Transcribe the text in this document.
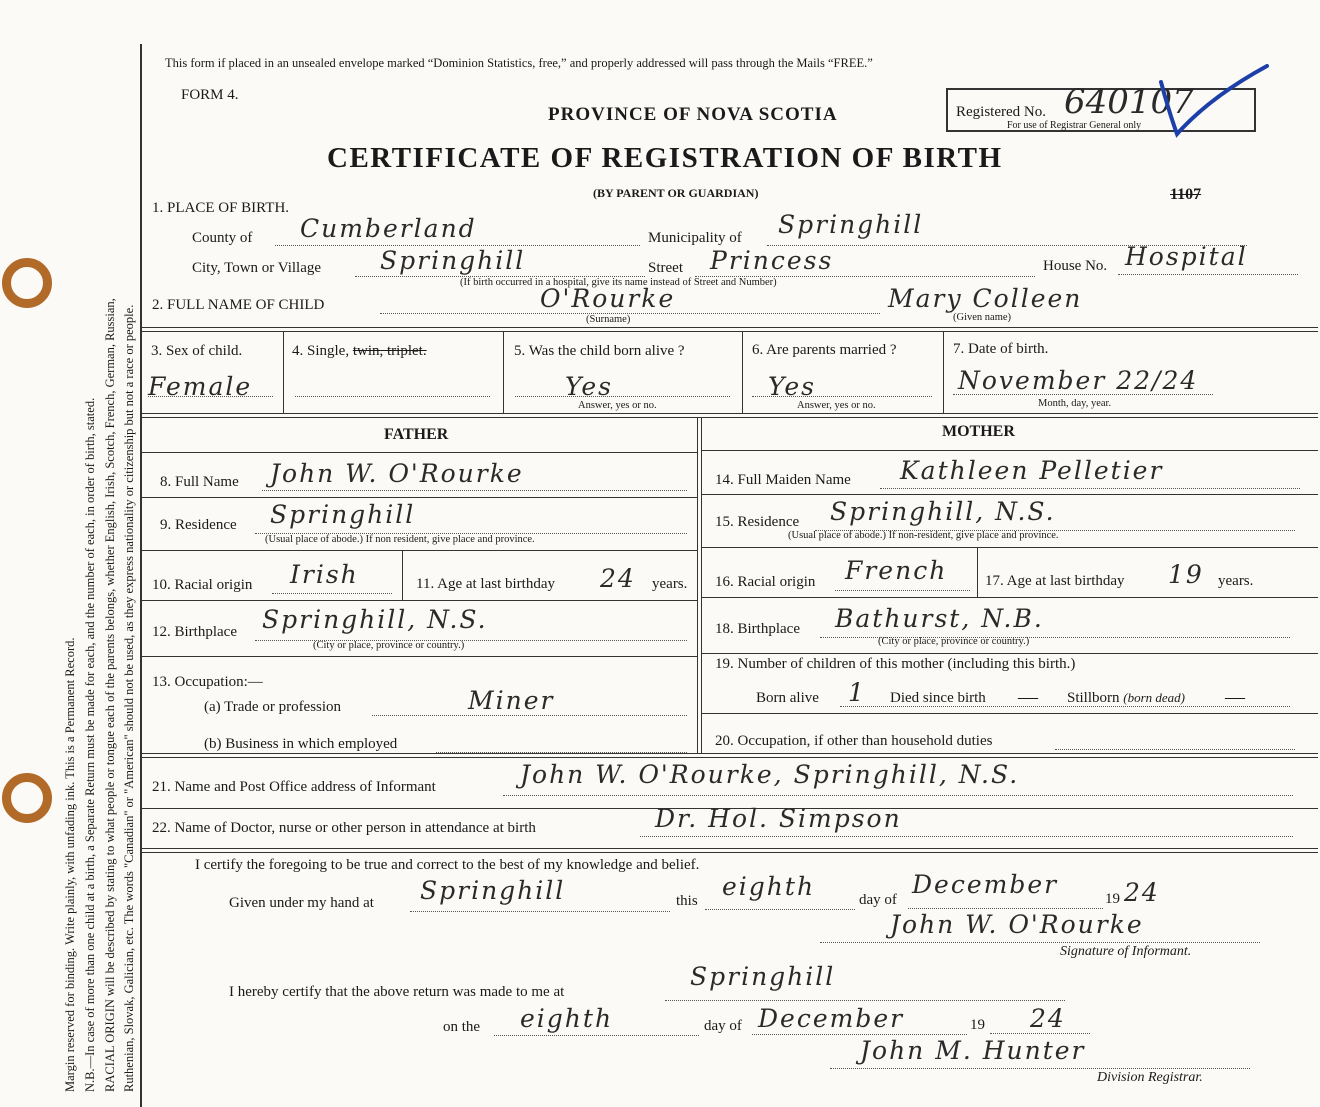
Margin reserved for binding. Write plainly, with unfading ink. This is a Permanent Record. N.B.—In case of more than one child at a birth, a Separate Return must be made for each, and the number of each, in order of birth, stated. RACIAL ORIGIN will be described by stating to what people or tongue each of the parents belongs, whether English, Irish, Scotch, French, German, Russian, Ruthenian, Slovak, Galician, etc. The words "Canadian" or "American" should not be used, as they express nationality or citizenship but not a race or people.
This form if placed in an unsealed envelope marked “Dominion Statistics, free,” and properly addressed will pass through the Mails “FREE.”
FORM 4.
PROVINCE OF NOVA SCOTIA
CERTIFICATE OF REGISTRATION OF BIRTH
(BY PARENT OR GUARDIAN)
Registered No. 640107
For use of Registrar General only
1107
1. PLACE OF BIRTH.
County of Cumberland	Municipality of Springhill
City, Town or Village Springhill	Street Princess	House No. Hospital
(If birth occurred in a hospital, give its name instead of Street and Number)
2. FULL NAME OF CHILD	O'Rourke
(Surname)
Mary Colleen
(Given name)
3. Sex of child.
Female
4. Single, twin, triplet.	5. Was the child born alive ?
Yes
Answer, yes or no.
6. Are parents married ?
Yes
Answer, yes or no.
7. Date of birth.
November 22/24
Month, day, year.
FATHER	MOTHER
8. Full Name John W. O'Rourke
9. Residence Springhill
(Usual place of abode.) If non resident, give place and province.
10. Racial origin Irish	11. Age at last birthday 24 years.
12. Birthplace Springhill, N.S.
(City or place, province or country.)
13. Occupation:—
(a) Trade or profession	Miner
(b) Business in which employed
14. Full Maiden Name Kathleen Pelletier
15. Residence Springhill, N.S.
(Usual place of abode.) If non-resident, give place and province.
16. Racial origin French	17. Age at last birthday 19 years.
18. Birthplace Bathurst, N.B.
(City or place, province or country.)
19. Number of children of this mother (including this birth.)
Born alive 1 Died since birth — Stillborn (born dead) —
20. Occupation, if other than household duties
21. Name and Post Office address of Informant	John W. O'Rourke, Springhill, N.S.
22. Name of Doctor, nurse or other person in attendance at birth	Dr. Hol. Simpson
I certify the foregoing to be true and correct to the best of my knowledge and belief.
Given under my hand at Springhill	this eighth	day of
December	19 24
John W. O'Rourke
Signature of Informant.
I hereby certify that the above return was made to me at
Springhill
on the eighth	day of December	19 24
John M. Hunter
Division Registrar.
